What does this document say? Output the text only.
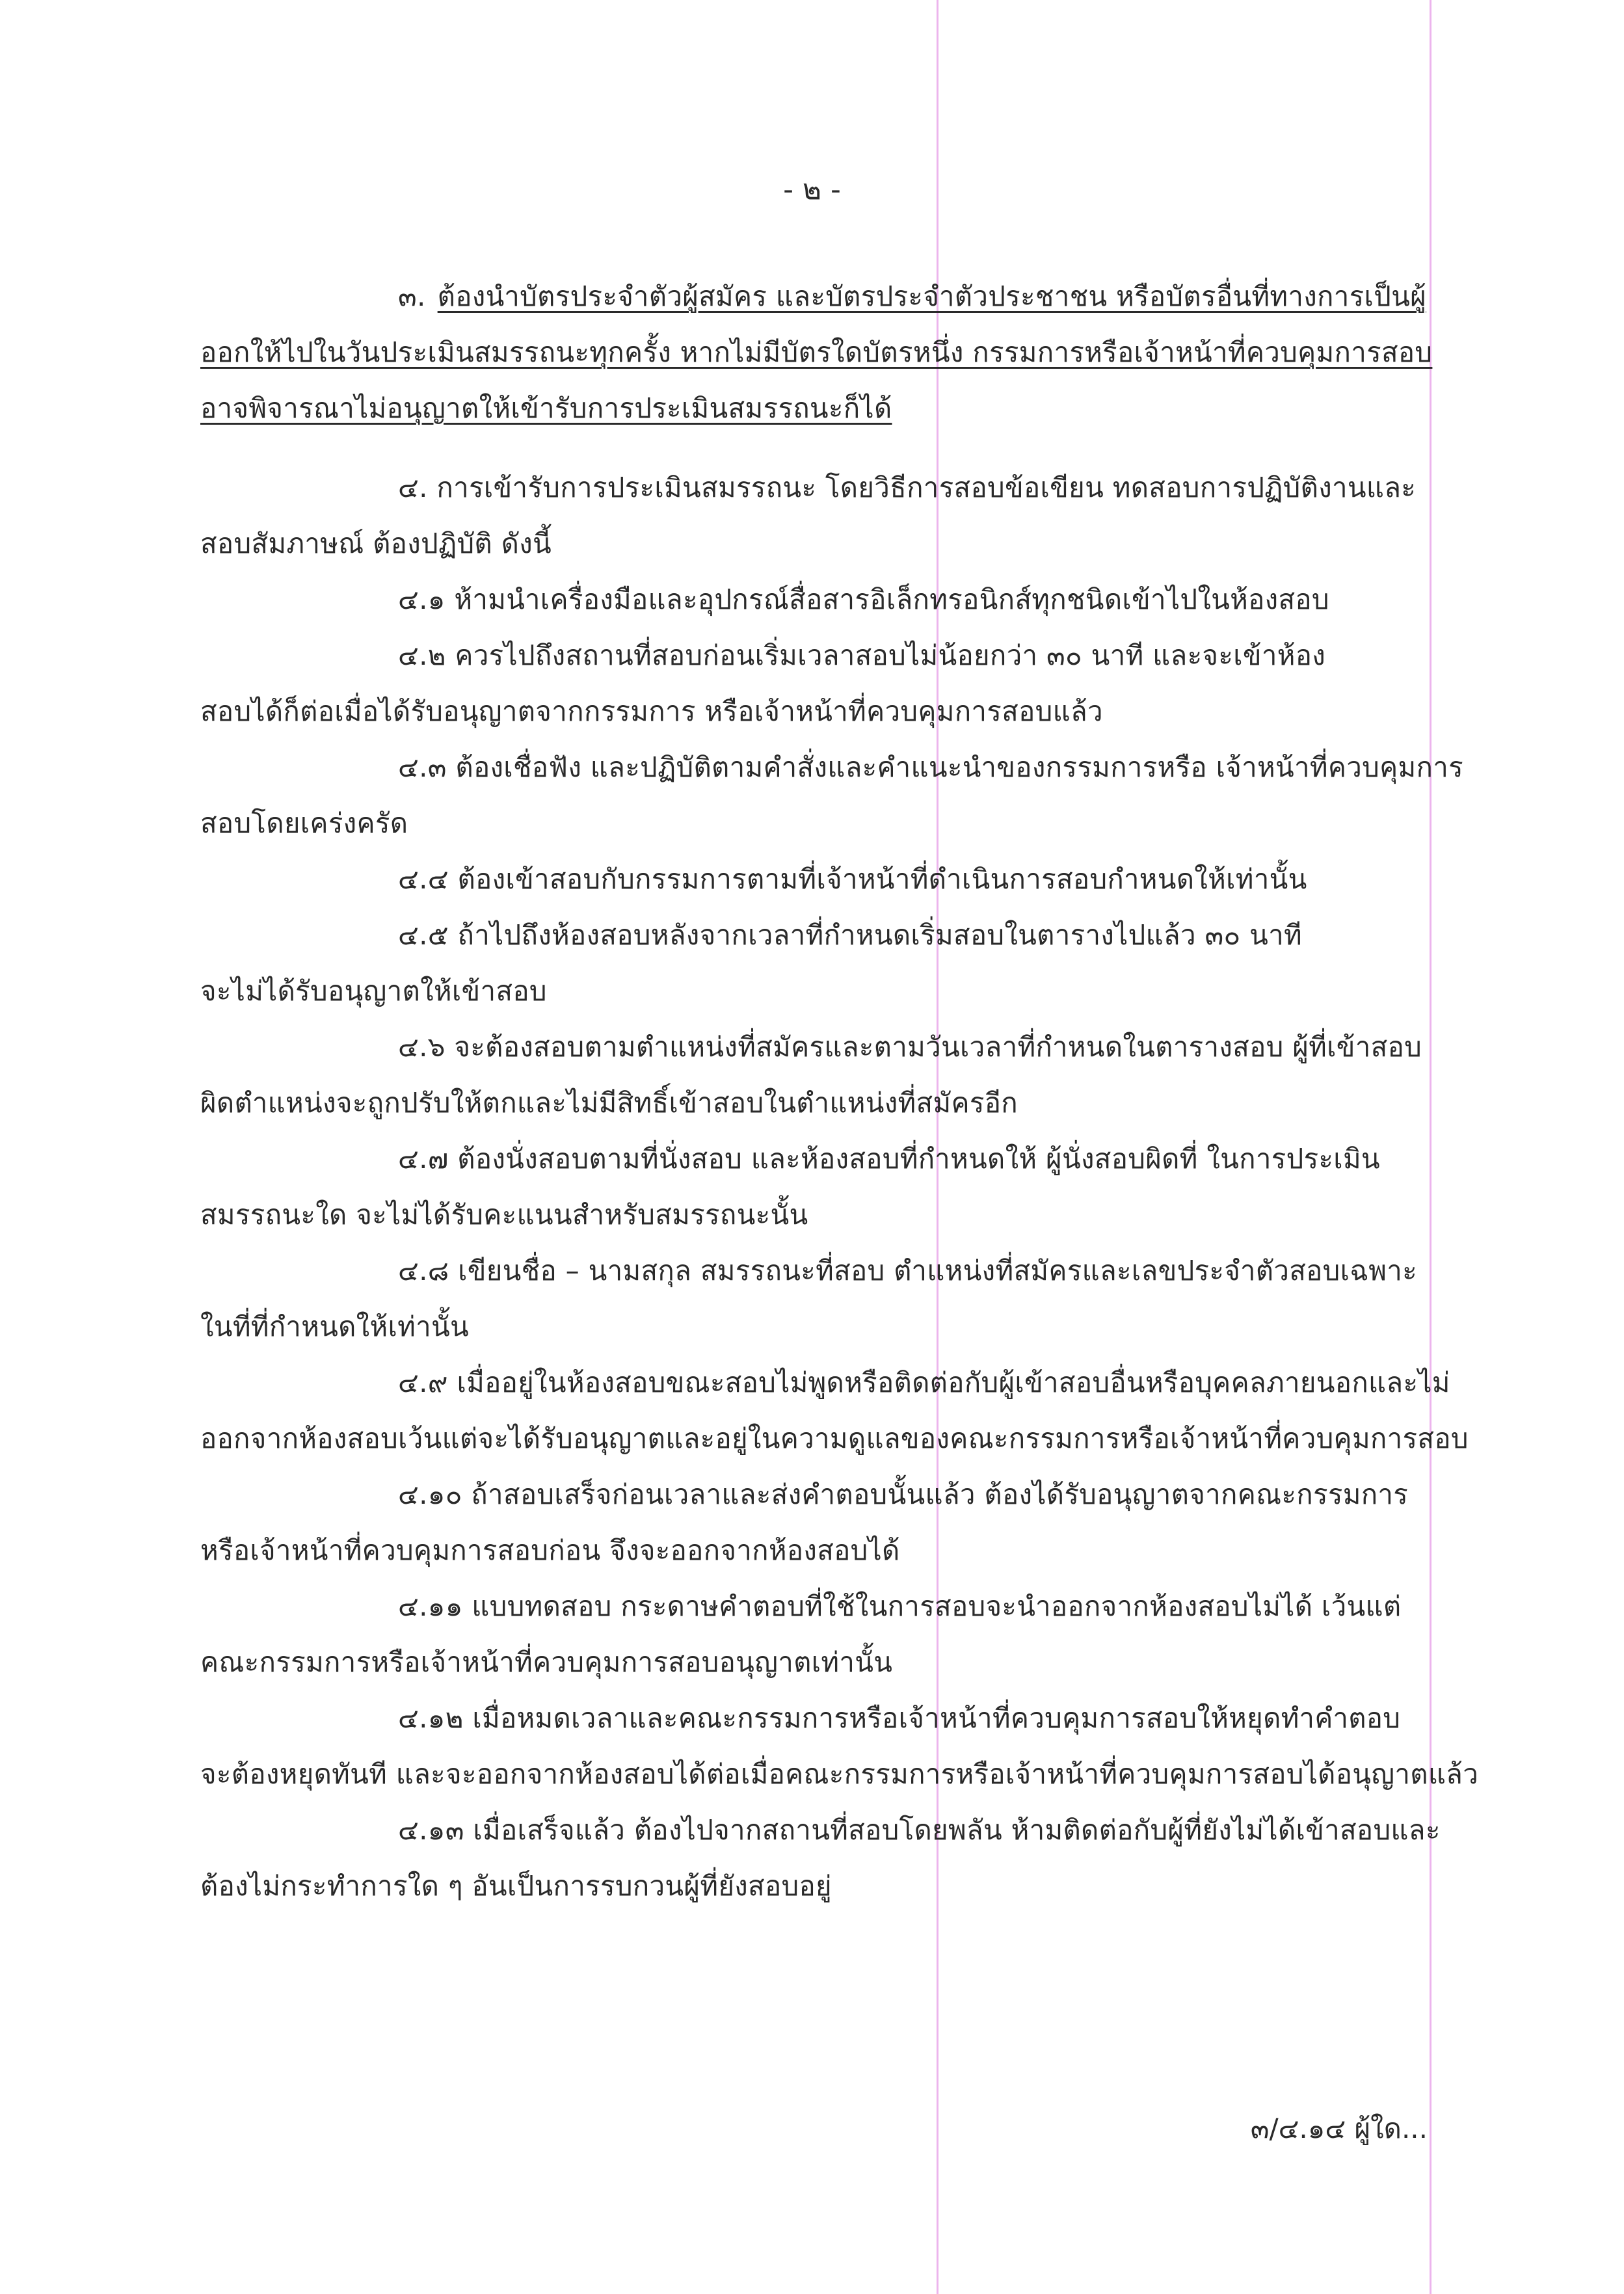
- ๒ -
๓. ต้องนำบัตรประจำตัวผู้สมัคร และบัตรประจำตัวประชาชน หรือบัตรอื่นที่ทางการเป็นผู้
ออกให้ไปในวันประเมินสมรรถนะทุกครั้ง หากไม่มีบัตรใดบัตรหนึ่ง กรรมการหรือเจ้าหน้าที่ควบคุมการสอบ
อาจพิจารณาไม่อนุญาตให้เข้ารับการประเมินสมรรถนะก็ได้
๔. การเข้ารับการประเมินสมรรถนะ โดยวิธีการสอบข้อเขียน ทดสอบการปฏิบัติงานและ
สอบสัมภาษณ์ ต้องปฏิบัติ ดังนี้
๔.๑ ห้ามนำเครื่องมือและอุปกรณ์สื่อสารอิเล็กทรอนิกส์ทุกชนิดเข้าไปในห้องสอบ
๔.๒ ควรไปถึงสถานที่สอบก่อนเริ่มเวลาสอบไม่น้อยกว่า ๓๐ นาที และจะเข้าห้อง
สอบได้ก็ต่อเมื่อได้รับอนุญาตจากกรรมการ หรือเจ้าหน้าที่ควบคุมการสอบแล้ว
๔.๓ ต้องเชื่อฟัง และปฏิบัติตามคำสั่งและคำแนะนำของกรรมการหรือ เจ้าหน้าที่ควบคุมการ
สอบโดยเคร่งครัด
๔.๔ ต้องเข้าสอบกับกรรมการตามที่เจ้าหน้าที่ดำเนินการสอบกำหนดให้เท่านั้น
๔.๕ ถ้าไปถึงห้องสอบหลังจากเวลาที่กำหนดเริ่มสอบในตารางไปแล้ว ๓๐ นาที
จะไม่ได้รับอนุญาตให้เข้าสอบ
๔.๖ จะต้องสอบตามตำแหน่งที่สมัครและตามวันเวลาที่กำหนดในตารางสอบ ผู้ที่เข้าสอบ
ผิดตำแหน่งจะถูกปรับให้ตกและไม่มีสิทธิ์เข้าสอบในตำแหน่งที่สมัครอีก
๔.๗ ต้องนั่งสอบตามที่นั่งสอบ และห้องสอบที่กำหนดให้ ผู้นั่งสอบผิดที่ ในการประเมิน
สมรรถนะใด จะไม่ได้รับคะแนนสำหรับสมรรถนะนั้น
๔.๘ เขียนชื่อ – นามสกุล สมรรถนะที่สอบ ตำแหน่งที่สมัครและเลขประจำตัวสอบเฉพาะ
ในที่ที่กำหนดให้เท่านั้น
๔.๙ เมื่ออยู่ในห้องสอบขณะสอบไม่พูดหรือติดต่อกับผู้เข้าสอบอื่นหรือบุคคลภายนอกและไม่
ออกจากห้องสอบเว้นแต่จะได้รับอนุญาตและอยู่ในความดูแลของคณะกรรมการหรือเจ้าหน้าที่ควบคุมการสอบ
๔.๑๐ ถ้าสอบเสร็จก่อนเวลาและส่งคำตอบนั้นแล้ว ต้องได้รับอนุญาตจากคณะกรรมการ
หรือเจ้าหน้าที่ควบคุมการสอบก่อน จึงจะออกจากห้องสอบได้
๔.๑๑ แบบทดสอบ กระดาษคำตอบที่ใช้ในการสอบจะนำออกจากห้องสอบไม่ได้ เว้นแต่
คณะกรรมการหรือเจ้าหน้าที่ควบคุมการสอบอนุญาตเท่านั้น
๔.๑๒ เมื่อหมดเวลาและคณะกรรมการหรือเจ้าหน้าที่ควบคุมการสอบให้หยุดทำคำตอบ
จะต้องหยุดทันที และจะออกจากห้องสอบได้ต่อเมื่อคณะกรรมการหรือเจ้าหน้าที่ควบคุมการสอบได้อนุญาตแล้ว
๔.๑๓ เมื่อเสร็จแล้ว ต้องไปจากสถานที่สอบโดยพลัน ห้ามติดต่อกับผู้ที่ยังไม่ได้เข้าสอบและ
ต้องไม่กระทำการใด ๆ อันเป็นการรบกวนผู้ที่ยังสอบอยู่
๓/๔.๑๔ ผู้ใด...
